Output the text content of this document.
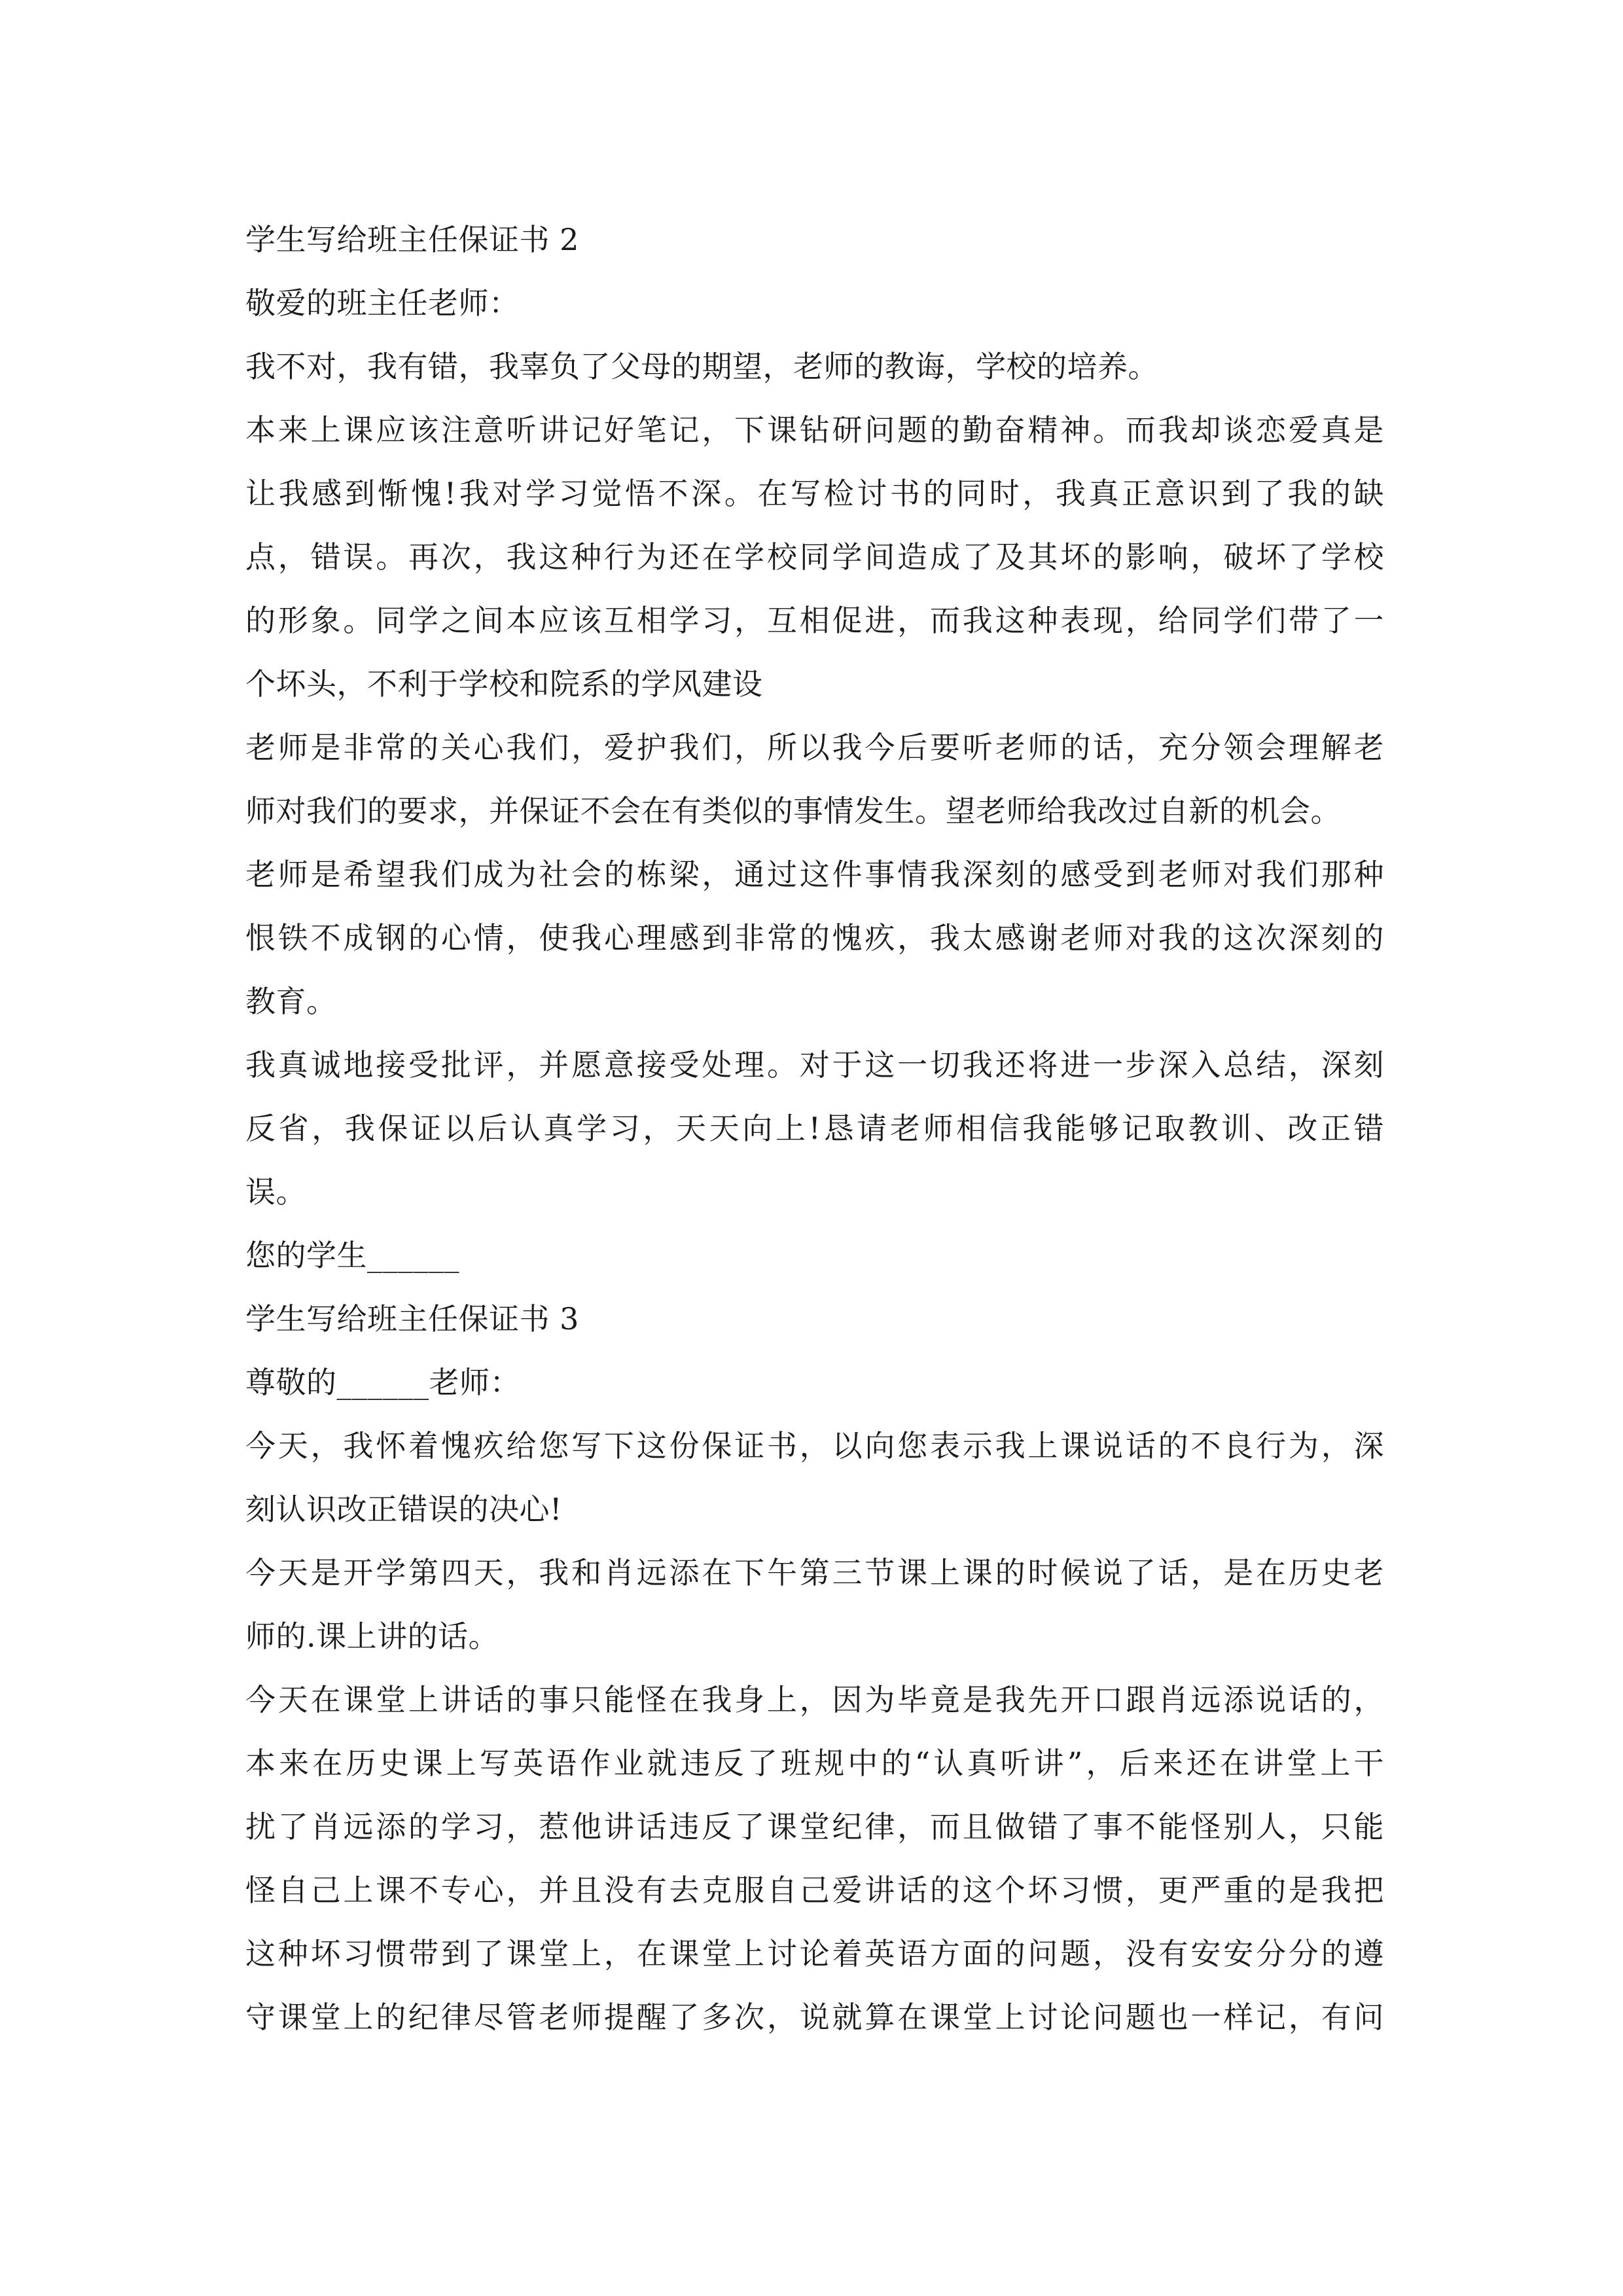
学生写给班主任保证书 2
敬爱的班主任老师：
我不对，我有错，我辜负了父母的期望，老师的教诲，学校的培养。
本来上课应该注意听讲记好笔记，下课钻研问题的勤奋精神。而我却谈恋爱真是
让我感到惭愧!我对学习觉悟不深。在写检讨书的同时，我真正意识到了我的缺
点，错误。再次，我这种行为还在学校同学间造成了及其坏的影响，破坏了学校
的形象。同学之间本应该互相学习，互相促进，而我这种表现，给同学们带了一
个坏头，不利于学校和院系的学风建设
老师是非常的关心我们，爱护我们，所以我今后要听老师的话，充分领会理解老
师对我们的要求，并保证不会在有类似的事情发生。望老师给我改过自新的机会。
老师是希望我们成为社会的栋梁，通过这件事情我深刻的感受到老师对我们那种
恨铁不成钢的心情，使我心理感到非常的愧疚，我太感谢老师对我的这次深刻的
教育。
我真诚地接受批评，并愿意接受处理。对于这一切我还将进一步深入总结，深刻
反省，我保证以后认真学习，天天向上!恳请老师相信我能够记取教训、改正错
误。
您的学生______
学生写给班主任保证书 3
尊敬的______老师：
今天，我怀着愧疚给您写下这份保证书，以向您表示我上课说话的不良行为，深
刻认识改正错误的决心!
今天是开学第四天，我和肖远添在下午第三节课上课的时候说了话，是在历史老
师的.课上讲的话。
今天在课堂上讲话的事只能怪在我身上，因为毕竟是我先开口跟肖远添说话的，
本来在历史课上写英语作业就违反了班规中的“认真听讲”，后来还在讲堂上干
扰了肖远添的学习，惹他讲话违反了课堂纪律，而且做错了事不能怪别人，只能
怪自己上课不专心，并且没有去克服自己爱讲话的这个坏习惯，更严重的是我把
这种坏习惯带到了课堂上，在课堂上讨论着英语方面的问题，没有安安分分的遵
守课堂上的纪律尽管老师提醒了多次，说就算在课堂上讨论问题也一样记，有问
